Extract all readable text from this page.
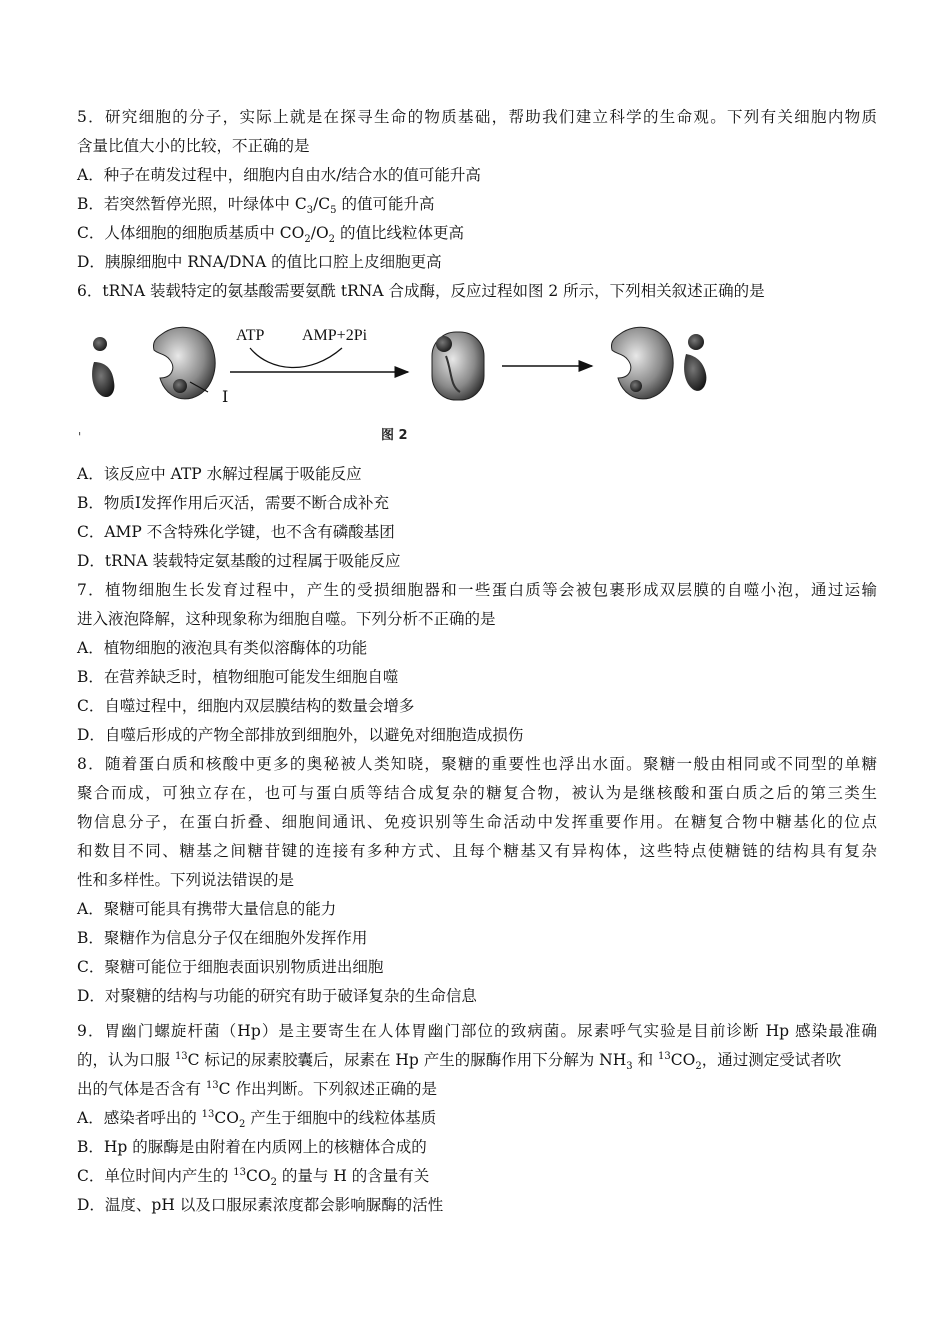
5．研究细胞的分子，实际上就是在探寻生命的物质基础，帮助我们建立科学的生命观。下列有关细胞内物质
含量比值大小的比较，不正确的是
A．种子在萌发过程中，细胞内自由水/结合水的值可能升高
B．若突然暂停光照，叶绿体中 $C_3/C_5$ 的值可能升高
C．人体细胞的细胞质基质中 $CO_2/O_2$ 的值比线粒体更高
D．胰腺细胞中 RNA/DNA 的值比口腔上皮细胞更高
6．tRNA 装载特定的氨基酸需要氨酰 tRNA 合成酶，反应过程如图 2 所示，下列相关叙述正确的是
I
ATP AMP+2Pi
'	图 2
A．该反应中 ATP 水解过程属于吸能反应
B．物质Ⅰ发挥作用后灭活，需要不断合成补充
C．AMP 不含特殊化学键，也不含有磷酸基团
D．tRNA 装载特定氨基酸的过程属于吸能反应
7．植物细胞生长发育过程中，产生的受损细胞器和一些蛋白质等会被包裹形成双层膜的自噬小泡，通过运输
进入液泡降解，这种现象称为细胞自噬。下列分析不正确的是
A．植物细胞的液泡具有类似溶酶体的功能
B．在营养缺乏时，植物细胞可能发生细胞自噬
C．自噬过程中，细胞内双层膜结构的数量会增多
D．自噬后形成的产物全部排放到细胞外，以避免对细胞造成损伤
8．随着蛋白质和核酸中更多的奥秘被人类知晓，聚糖的重要性也浮出水面。聚糖一般由相同或不同型的单糖
聚合而成，可独立存在，也可与蛋白质等结合成复杂的糖复合物，被认为是继核酸和蛋白质之后的第三类生
物信息分子，在蛋白折叠、细胞间通讯、免疫识别等生命活动中发挥重要作用。在糖复合物中糖基化的位点
和数目不同、糖基之间糖苷键的连接有多种方式、且每个糖基又有异构体，这些特点使糖链的结构具有复杂
性和多样性。下列说法错误的是
A．聚糖可能具有携带大量信息的能力
B．聚糖作为信息分子仅在细胞外发挥作用
C．聚糖可能位于细胞表面识别物质进出细胞
D．对聚糖的结构与功能的研究有助于破译复杂的生命信息
9．胃幽门螺旋杆菌（Hp）是主要寄生在人体胃幽门部位的致病菌。尿素呼气实验是目前诊断 Hp 感染最准确
的，认为口服 $^{13}$C 标记的尿素胶囊后，尿素在 Hp 产生的脲酶作用下分解为 $NH_3$ 和 $^{13}CO_2$，通过测定受试者吹
出的气体是否含有 $^{13}$C 作出判断。下列叙述正确的是
A．感染者呼出的 $^{13}CO_2$ 产生于细胞中的线粒体基质
B．Hp 的脲酶是由附着在内质网上的核糖体合成的
C．单位时间内产生的 $^{13}CO_2$ 的量与 H 的含量有关
D．温度、pH 以及口服尿素浓度都会影响脲酶的活性
